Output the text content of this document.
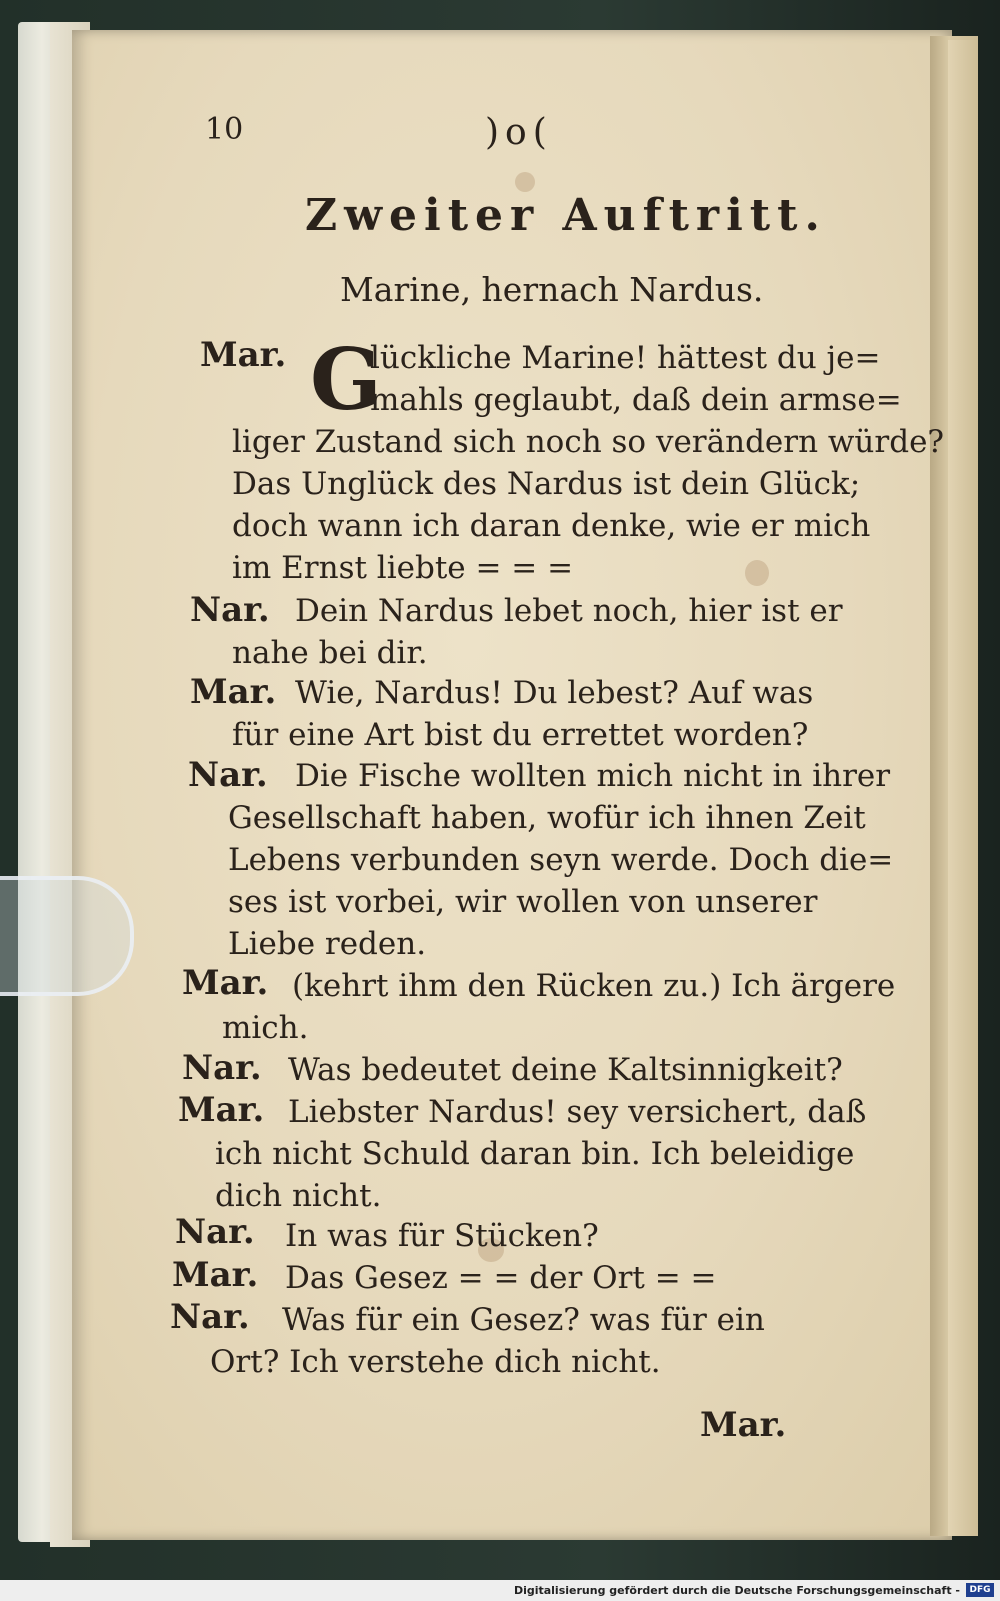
10	)o(
Zweiter Auftritt.
Marine, hernach Nardus.
Mar. G
lückliche Marine! hättest du je=
mahls geglaubt, daß dein armse=
liger Zustand sich noch so verändern würde?
Das Unglück des Nardus ist dein Glück;
doch wann ich daran denke, wie er mich
im Ernst liebte = = =
Nar. Dein Nardus lebet noch, hier ist er
nahe bei dir.
Mar. Wie, Nardus! Du lebest? Auf was
für eine Art bist du errettet worden?
Nar. Die Fische wollten mich nicht in ihrer
Gesellschaft haben, wofür ich ihnen Zeit
Lebens verbunden seyn werde. Doch die=
ses ist vorbei, wir wollen von unserer
Liebe reden.
Mar. (kehrt ihm den Rücken zu.) Ich ärgere
mich.
Nar. Was bedeutet deine Kaltsinnigkeit?
Mar. Liebster Nardus! sey versichert, daß
ich nicht Schuld daran bin. Ich beleidige
dich nicht.
Nar. In was für Stücken?
Mar. Das Gesez = = der Ort = =
Nar. Was für ein Gesez? was für ein
Ort? Ich verstehe dich nicht.
Mar.
Digitalisierung gefördert durch die Deutsche Forschungsgemeinschaft -	DFG
